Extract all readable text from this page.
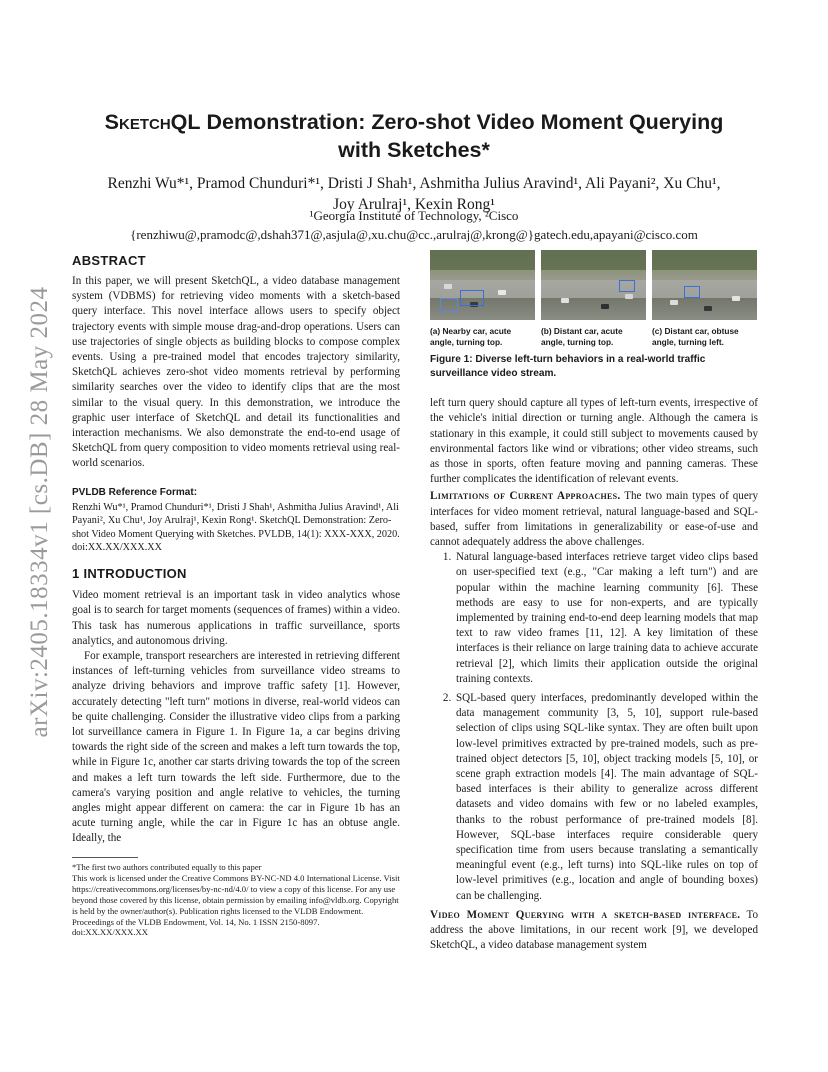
arXiv:2405.18334v1 [cs.DB] 28 May 2024
SketchQL Demonstration: Zero-shot Video Moment Querying
with Sketches*
Renzhi Wu*¹, Pramod Chunduri*¹, Dristi J Shah¹, Ashmitha Julius Aravind¹, Ali Payani², Xu Chu¹,
Joy Arulraj¹, Kexin Rong¹
¹Georgia Institute of Technology, ²Cisco
{renzhiwu@,pramodc@,dshah371@,asjula@,xu.chu@cc.,arulraj@,krong@}gatech.edu,apayani@cisco.com
ABSTRACT

In this paper, we will present SketchQL, a video database management system (VDBMS) for retrieving video moments with a sketch-based query interface. This novel interface allows users to specify object trajectory events with simple mouse drag-and-drop operations. Users can use trajectories of single objects as building blocks to compose complex events. Using a pre-trained model that encodes trajectory similarity, SketchQL achieves zero-shot video moments retrieval by performing similarity searches over the video to identify clips that are the most similar to the visual query. In this demonstration, we introduce the graphic user interface of SketchQL and detail its functionalities and interaction mechanisms. We also demonstrate the end-to-end usage of SketchQL from query composition to video moments retrieval using real-world scenarios.

PVLDB Reference Format:
Renzhi Wu*¹, Pramod Chunduri*¹, Dristi J Shah¹, Ashmitha Julius Aravind¹, Ali Payani², Xu Chu¹, Joy Arulraj¹, Kexin Rong¹. SketchQL Demonstration: Zero-shot Video Moment Querying with Sketches. PVLDB, 14(1): XXX-XXX, 2020.
doi:XX.XX/XXX.XX
1 INTRODUCTION

Video moment retrieval is an important task in video analytics whose goal is to search for target moments (sequences of frames) within a video. This task has numerous applications in traffic surveillance, sports analytics, and autonomous driving.

For example, transport researchers are interested in retrieving different instances of left-turning vehicles from surveillance video streams to analyze driving behaviors and improve traffic safety [1]. However, accurately detecting "left turn" motions in diverse, real-world videos can be quite challenging. Consider the illustrative video clips from a parking lot surveillance camera in Figure 1. In Figure 1a, a car begins driving towards the right side of the screen and makes a left turn towards the top, while in Figure 1c, another car starts driving towards the top of the screen and makes a left turn towards the left side. Furthermore, due to the camera's varying position and angle relative to vehicles, the turning angles might appear different on camera: the car in Figure 1b has an acute turning angle, while the car in Figure 1c has an obtuse angle. Ideally, the

*The first two authors contributed equally to this paper
This work is licensed under the Creative Commons BY-NC-ND 4.0 International License. Visit https://creativecommons.org/licenses/by-nc-nd/4.0/ to view a copy of this license. For any use beyond those covered by this license, obtain permission by emailing info@vldb.org. Copyright is held by the owner/author(s). Publication rights licensed to the VLDB Endowment.
Proceedings of the VLDB Endowment, Vol. 14, No. 1 ISSN 2150-8097.
doi:XX.XX/XXX.XX
(a) Nearby car, acute angle, turning top.
(b) Distant car, acute angle, turning top.
(c) Distant car, obtuse angle, turning left.
Figure 1: Diverse left-turn behaviors in a real-world traffic surveillance video stream.

left turn query should capture all types of left-turn events, irrespective of the vehicle's initial direction or turning angle. Although the camera is stationary in this example, it could still subject to movements caused by environmental factors like wind or vibrations; other video streams, such as those in sports, often feature moving and panning cameras. These further complicates the identification of relevant events.

Limitations of Current Approaches. The two main types of query interfaces for video moment retrieval, natural language-based and SQL-based, suffer from limitations in generalizability or ease-of-use and cannot adequately address the above challenges.

1. Natural language-based interfaces retrieve target video clips based on user-specified text (e.g., "Car making a left turn") and are popular within the machine learning community [6]. These methods are easy to use for non-experts, and are typically implemented by training end-to-end deep learning models that map text to raw video frames [11, 12]. A key limitation of these interfaces is their reliance on large training data to achieve accurate retrieval [2], which limits their application outside the original training contexts.
2. SQL-based query interfaces, predominantly developed within the data management community [3, 5, 10], support rule-based selection of clips using SQL-like syntax. They are often built upon low-level primitives extracted by pre-trained models, such as pre-trained object detectors [5, 10], object tracking models [5, 10], or scene graph extraction models [4]. The main advantage of SQL-based interfaces is their ability to generalize across different datasets and video domains with few or no labeled examples, thanks to the robust performance of pre-trained models [8]. However, SQL-base interfaces require considerable query specification time from users because translating a semantically meaningful event (e.g., left turns) into SQL-like rules on top of low-level primitives (e.g., location and angle of bounding boxes) can be challenging.

Video Moment Querying with a sketch-based interface. To address the above limitations, in our recent work [9], we developed SketchQL, a video database management system
